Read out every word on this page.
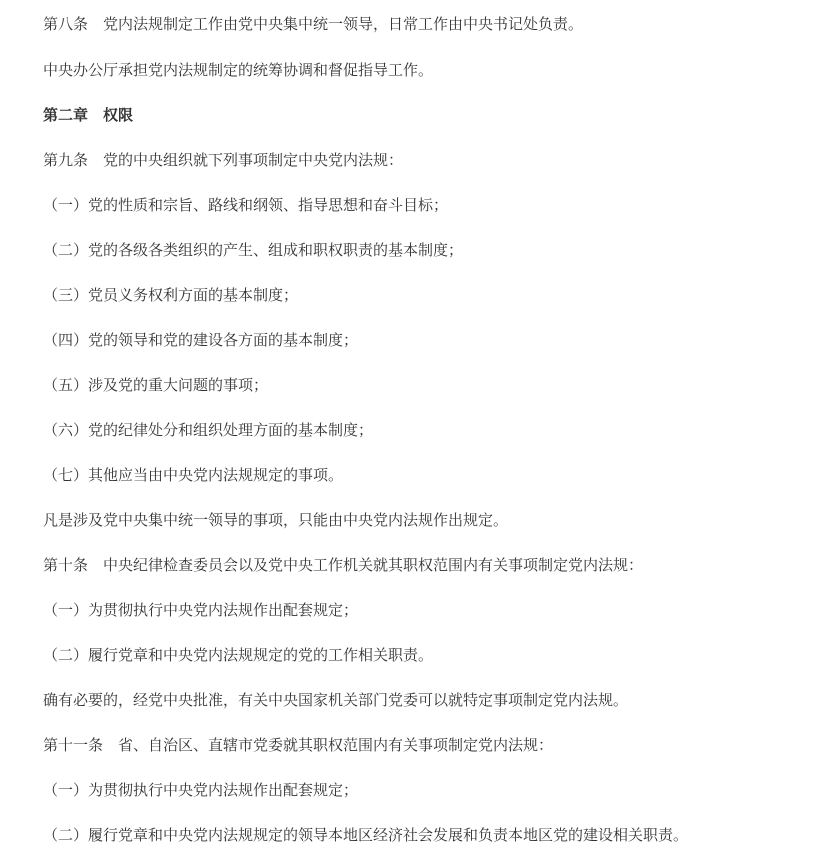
第八条　党内法规制定工作由党中央集中统一领导，日常工作由中央书记处负责。
中央办公厅承担党内法规制定的统筹协调和督促指导工作。
第二章　权限
第九条　党的中央组织就下列事项制定中央党内法规：
（一）党的性质和宗旨、路线和纲领、指导思想和奋斗目标；
（二）党的各级各类组织的产生、组成和职权职责的基本制度；
（三）党员义务权利方面的基本制度；
（四）党的领导和党的建设各方面的基本制度；
（五）涉及党的重大问题的事项；
（六）党的纪律处分和组织处理方面的基本制度；
（七）其他应当由中央党内法规规定的事项。
凡是涉及党中央集中统一领导的事项，只能由中央党内法规作出规定。
第十条　中央纪律检查委员会以及党中央工作机关就其职权范围内有关事项制定党内法规：
（一）为贯彻执行中央党内法规作出配套规定；
（二）履行党章和中央党内法规规定的党的工作相关职责。
确有必要的，经党中央批准，有关中央国家机关部门党委可以就特定事项制定党内法规。
第十一条　省、自治区、直辖市党委就其职权范围内有关事项制定党内法规：
（一）为贯彻执行中央党内法规作出配套规定；
（二）履行党章和中央党内法规规定的领导本地区经济社会发展和负责本地区党的建设相关职责。
